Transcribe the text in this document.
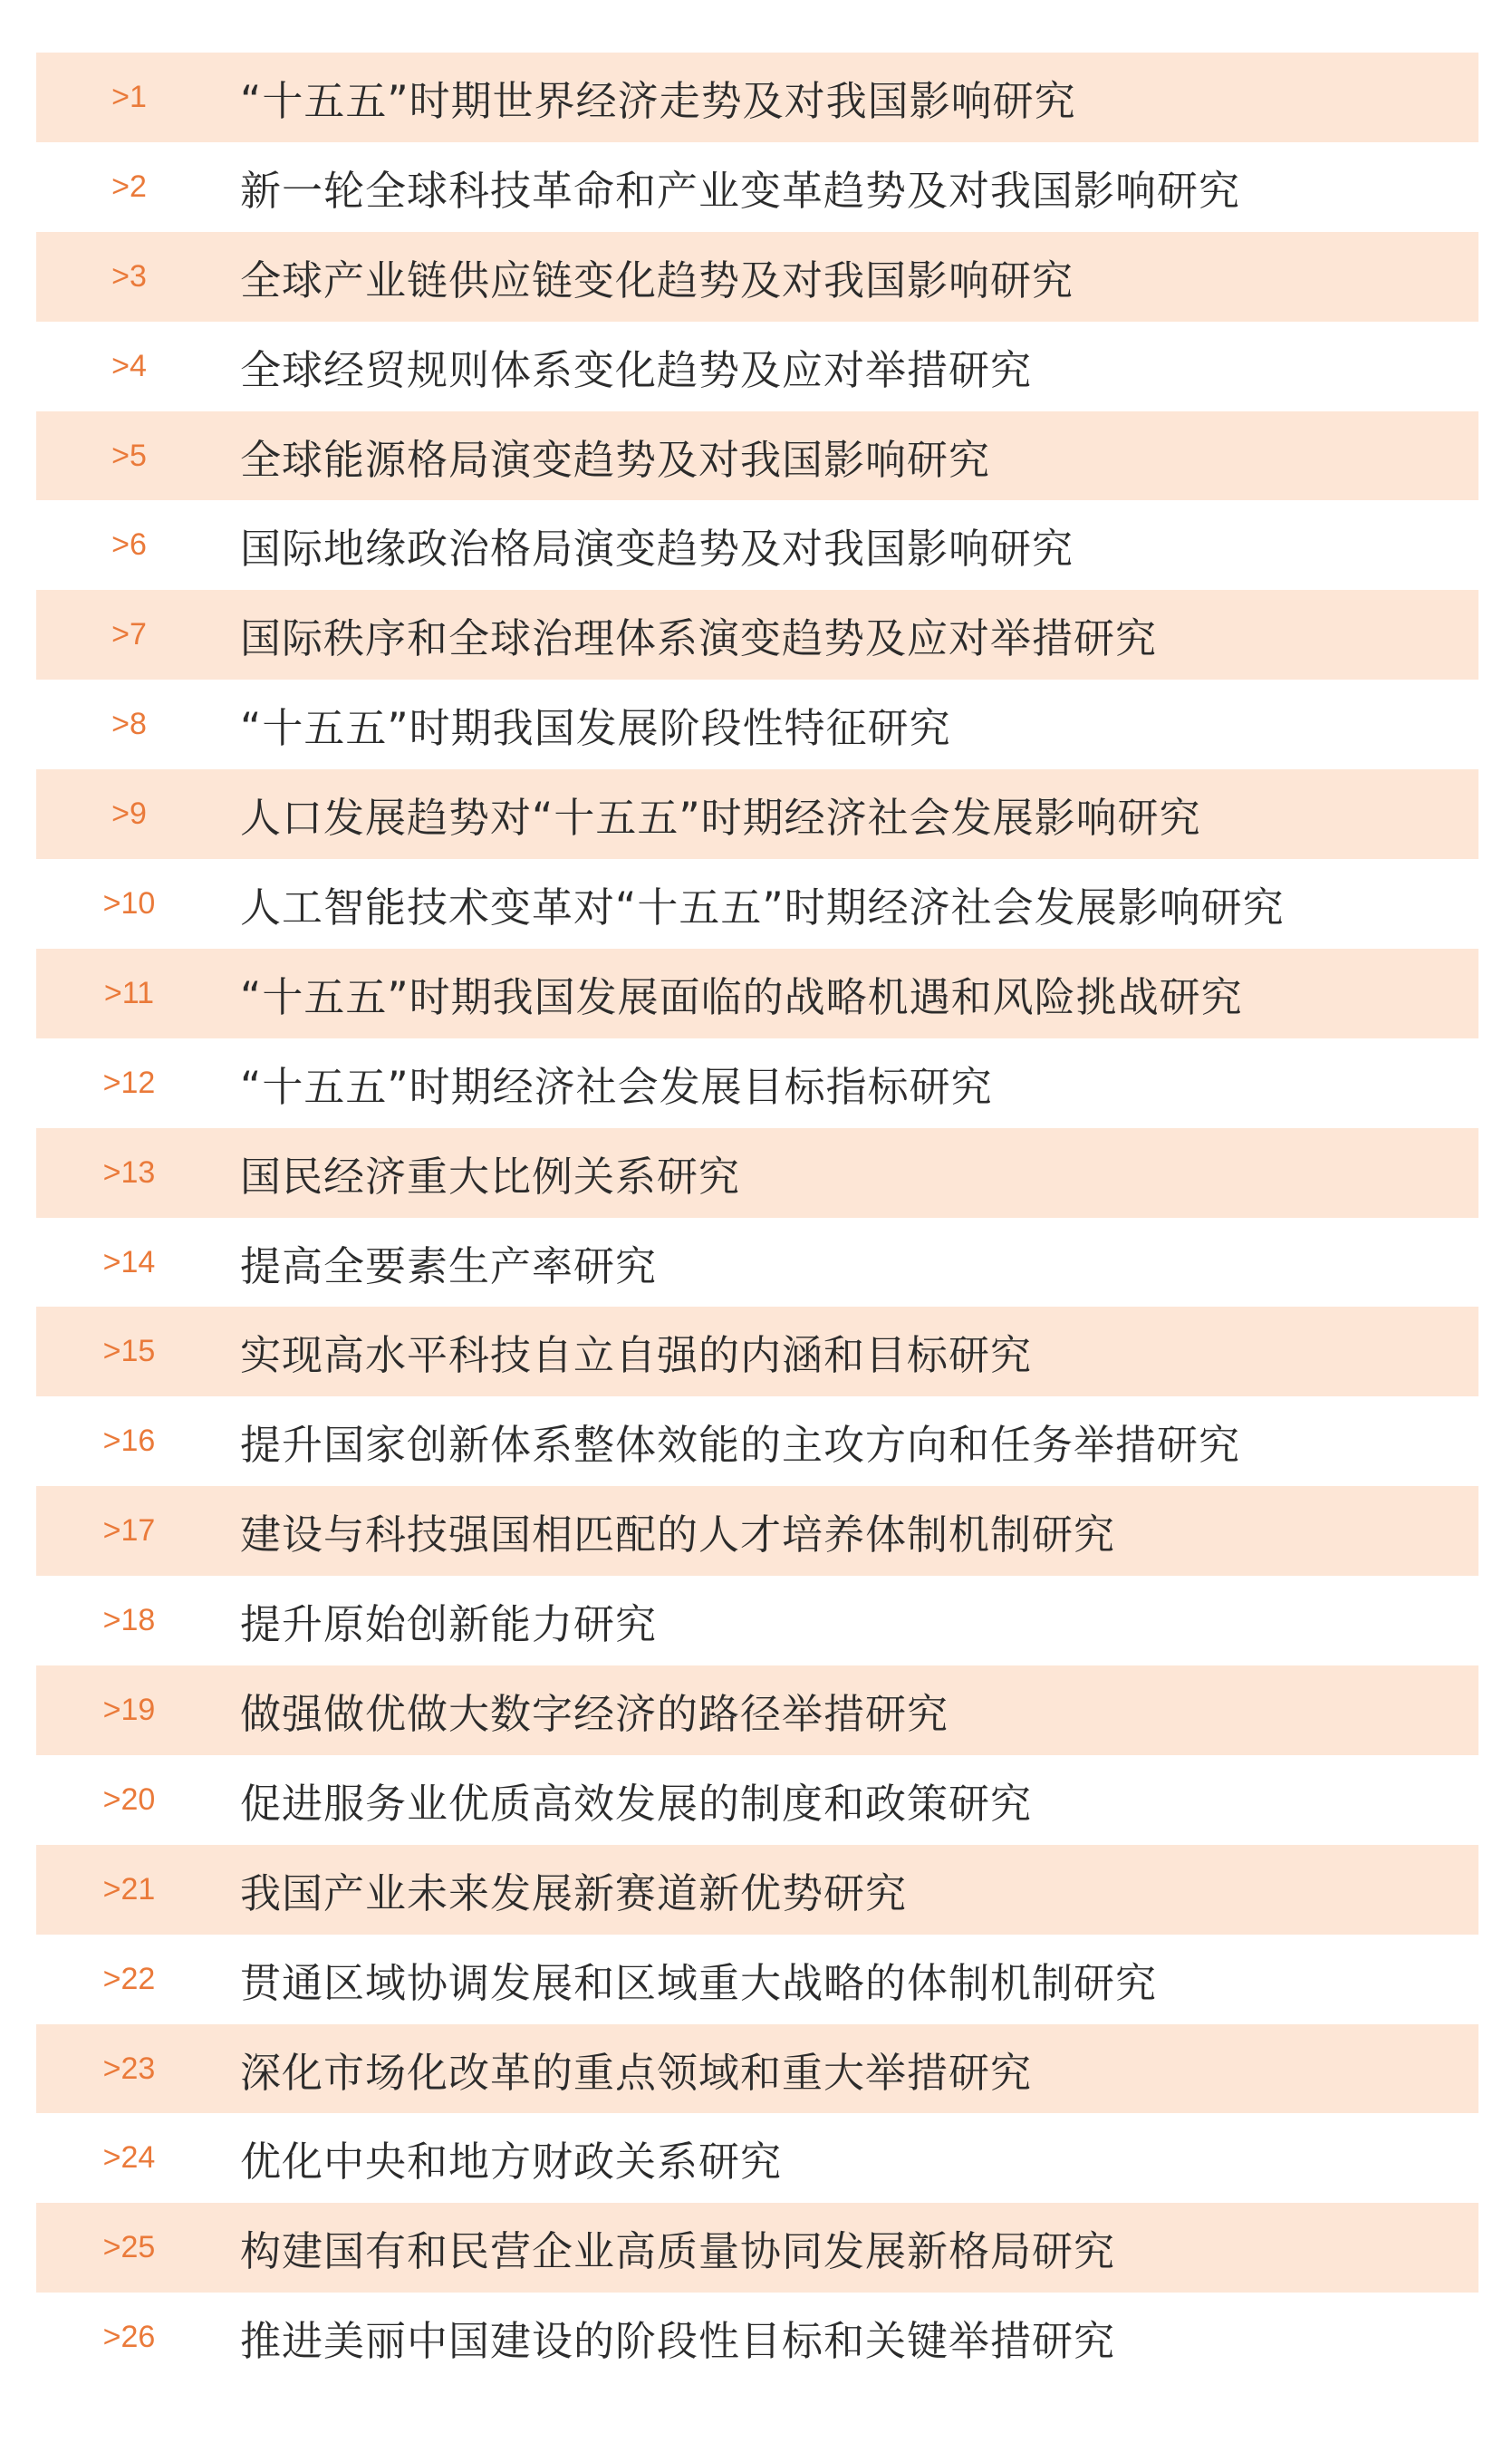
>1	“十五五”时期世界经济走势及对我国影响研究
>2	新一轮全球科技革命和产业变革趋势及对我国影响研究
>3	全球产业链供应链变化趋势及对我国影响研究
>4	全球经贸规则体系变化趋势及应对举措研究
>5	全球能源格局演变趋势及对我国影响研究
>6	国际地缘政治格局演变趋势及对我国影响研究
>7	国际秩序和全球治理体系演变趋势及应对举措研究
>8	“十五五”时期我国发展阶段性特征研究
>9	人口发展趋势对“十五五”时期经济社会发展影响研究
>10	人工智能技术变革对“十五五”时期经济社会发展影响研究
>11	“十五五”时期我国发展面临的战略机遇和风险挑战研究
>12	“十五五”时期经济社会发展目标指标研究
>13	国民经济重大比例关系研究
>14	提高全要素生产率研究
>15	实现高水平科技自立自强的内涵和目标研究
>16	提升国家创新体系整体效能的主攻方向和任务举措研究
>17	建设与科技强国相匹配的人才培养体制机制研究
>18	提升原始创新能力研究
>19	做强做优做大数字经济的路径举措研究
>20	促进服务业优质高效发展的制度和政策研究
>21	我国产业未来发展新赛道新优势研究
>22	贯通区域协调发展和区域重大战略的体制机制研究
>23	深化市场化改革的重点领域和重大举措研究
>24	优化中央和地方财政关系研究
>25	构建国有和民营企业高质量协同发展新格局研究
>26	推进美丽中国建设的阶段性目标和关键举措研究
